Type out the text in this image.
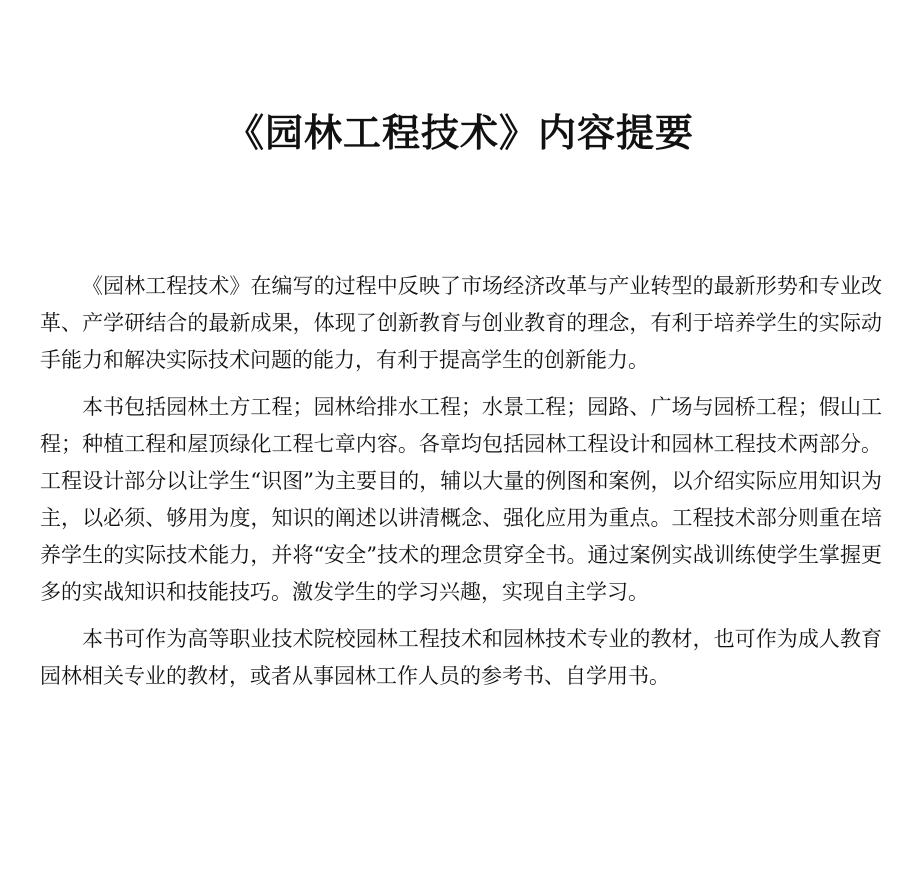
《园林工程技术》内容提要

《园林工程技术》在编写的过程中反映了市场经济改革与产业转型的最新形势和专业改革、产学研结合的最新成果，体现了创新教育与创业教育的理念，有利于培养学生的实际动手能力和解决实际技术问题的能力，有利于提高学生的创新能力。

本书包括园林土方工程；园林给排水工程；水景工程；园路、广场与园桥工程；假山工程；种植工程和屋顶绿化工程七章内容。各章均包括园林工程设计和园林工程技术两部分。工程设计部分以让学生“识图”为主要目的，辅以大量的例图和案例，以介绍实际应用知识为主，以必须、够用为度，知识的阐述以讲清概念、强化应用为重点。工程技术部分则重在培养学生的实际技术能力，并将“安全”技术的理念贯穿全书。通过案例实战训练使学生掌握更多的实战知识和技能技巧。激发学生的学习兴趣，实现自主学习。

本书可作为高等职业技术院校园林工程技术和园林技术专业的教材，也可作为成人教育园林相关专业的教材，或者从事园林工作人员的参考书、自学用书。
